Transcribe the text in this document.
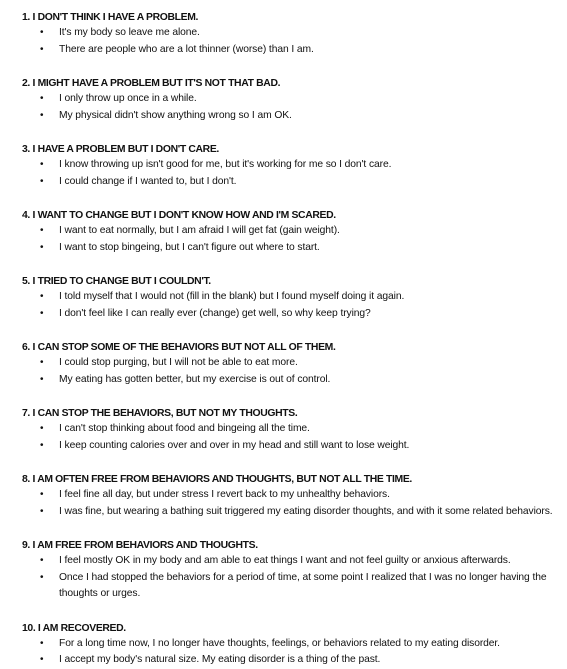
1. I DON'T THINK I HAVE A PROBLEM.
• It's my body so leave me alone.
• There are people who are a lot thinner (worse) than I am.
2. I MIGHT HAVE A PROBLEM BUT IT'S NOT THAT BAD.
• I only throw up once in a while.
• My physical didn't show anything wrong so I am OK.
3. I HAVE A PROBLEM BUT I DON'T CARE.
• I know throwing up isn't good for me, but it's working for me so I don't care.
• I could change if I wanted to, but I don't.
4. I WANT TO CHANGE BUT I DON'T KNOW HOW AND I'M SCARED.
• I want to eat normally, but I am afraid I will get fat (gain weight).
• I want to stop bingeing, but I can't figure out where to start.
5. I TRIED TO CHANGE BUT I COULDN'T.
• I told myself that I would not (fill in the blank) but I found myself doing it again.
• I don't feel like I can really ever (change) get well, so why keep trying?
6. I CAN STOP SOME OF THE BEHAVIORS BUT NOT ALL OF THEM.
• I could stop purging, but I will not be able to eat more.
• My eating has gotten better, but my exercise is out of control.
7. I CAN STOP THE BEHAVIORS, BUT NOT MY THOUGHTS.
• I can't stop thinking about food and bingeing all the time.
• I keep counting calories over and over in my head and still want to lose weight.
8. I AM OFTEN FREE FROM BEHAVIORS AND THOUGHTS, BUT NOT ALL THE TIME.
• I feel fine all day, but under stress I revert back to my unhealthy behaviors.
• I was fine, but wearing a bathing suit triggered my eating disorder thoughts, and with it some related behaviors.
9. I AM FREE FROM BEHAVIORS AND THOUGHTS.
• I feel mostly OK in my body and am able to eat things I want and not feel guilty or anxious afterwards.
• Once I had stopped the behaviors for a period of time, at some point I realized that I was no longer having the thoughts or urges.
10. I AM RECOVERED.
• For a long time now, I no longer have thoughts, feelings, or behaviors related to my eating disorder.
• I accept my body's natural size. My eating disorder is a thing of the past.
